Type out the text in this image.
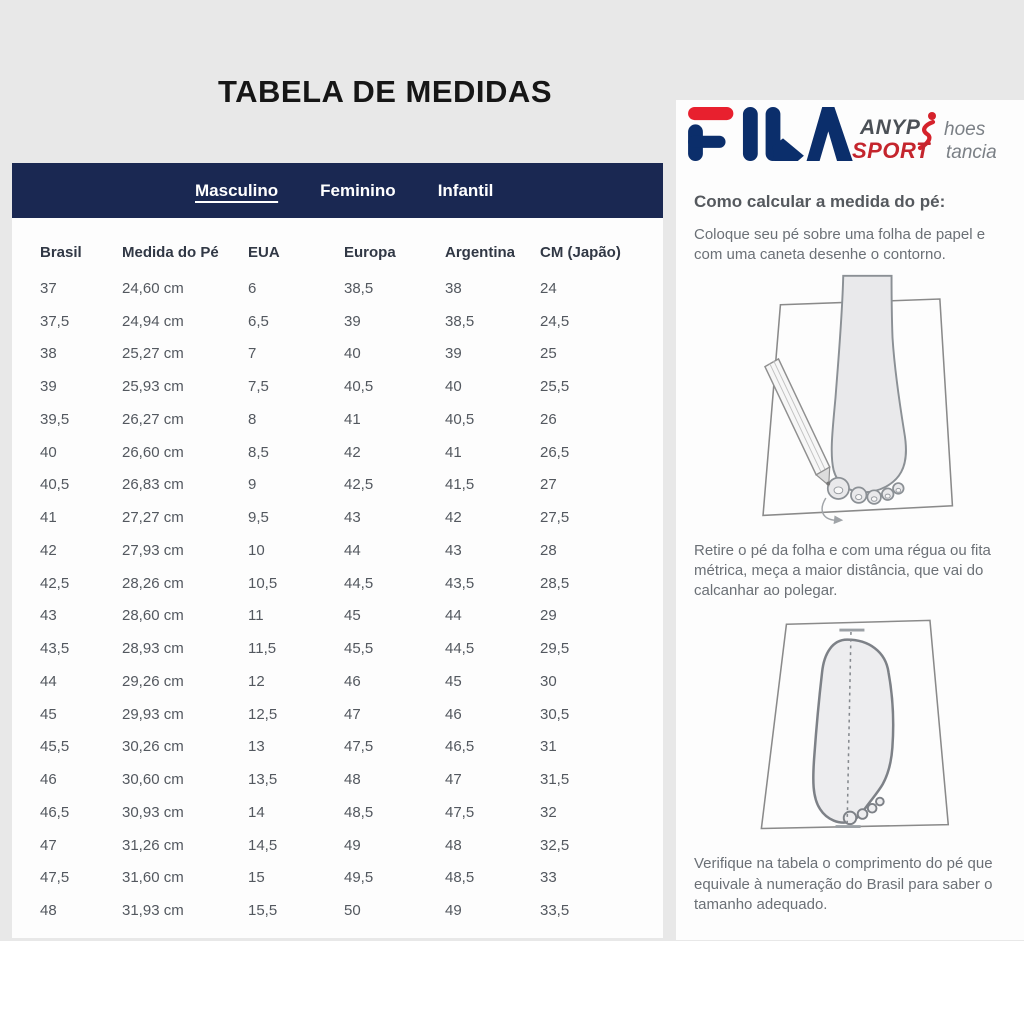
TABELA DE MEDIDAS
Masculino Feminino Infantil
Brasil	Medida do Pé	EUA	Europa	Argentina	CM (Japão)
37	24,60 cm	6	38,5	38	24
37,5	24,94 cm	6,5	39	38,5	24,5
38	25,27 cm	7	40	39	25
39	25,93 cm	7,5	40,5	40	25,5
39,5	26,27 cm	8	41	40,5	26
40	26,60 cm	8,5	42	41	26,5
40,5	26,83 cm	9	42,5	41,5	27
41	27,27 cm	9,5	43	42	27,5
42	27,93 cm	10	44	43	28
42,5	28,26 cm	10,5	44,5	43,5	28,5
43	28,60 cm	11	45	44	29
43,5	28,93 cm	11,5	45,5	44,5	29,5
44	29,26 cm	12	46	45	30
45	29,93 cm	12,5	47	46	30,5
45,5	30,26 cm	13	47,5	46,5	31
46	30,60 cm	13,5	48	47	31,5
46,5	30,93 cm	14	48,5	47,5	32
47	31,26 cm	14,5	49	48	32,5
47,5	31,60 cm	15	49,5	48,5	33
48	31,93 cm	15,5	50	49	33,5
ANYP hoes
SPORT tancia
Como calcular a medida do pé:

Coloque seu pé sobre uma folha de papel e com uma caneta desenhe o contorno.

Retire o pé da folha e com uma régua ou fita métrica, meça a maior distância, que vai do calcanhar ao polegar.

Verifique na tabela o comprimento do pé que equivale à numeração do Brasil para saber o tamanho adequado.
